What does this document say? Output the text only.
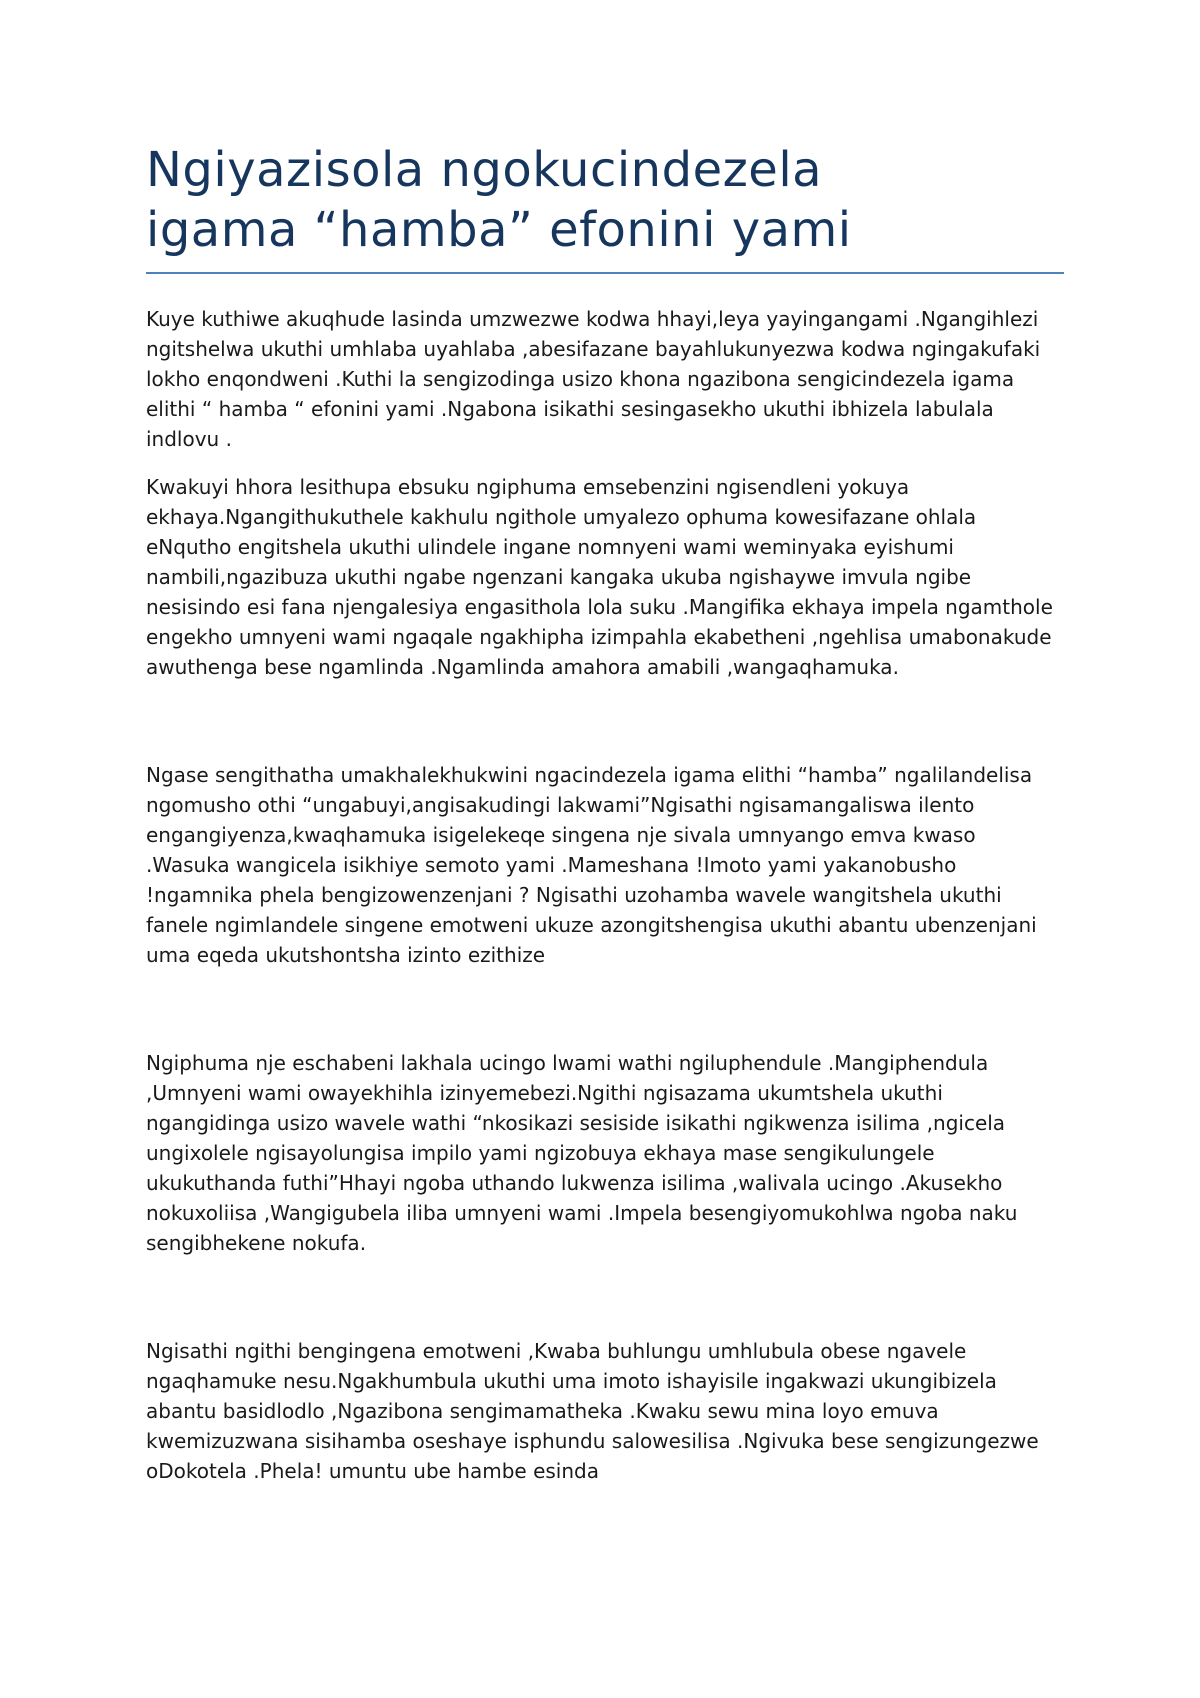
Ngiyazisola ngokucindezela
igama “hamba” efonini yami

Kuye kuthiwe akuqhude lasinda umzwezwe kodwa hhayi,leya yayingangami .Ngangihlezi ngitshelwa ukuthi umhlaba uyahlaba ,abesifazane bayahlukunyezwa kodwa ngingakufaki lokho enqondweni .Kuthi la sengizodinga usizo khona ngazibona sengicindezela igama elithi “ hamba “ efonini yami .Ngabona isikathi sesingasekho ukuthi ibhizela labulala indlovu .

Kwakuyi hhora lesithupa ebsuku ngiphuma emsebenzini ngisendleni yokuya ekhaya.Ngangithukuthele kakhulu ngithole umyalezo ophuma kowesifazane ohlala eNqutho engitshela ukuthi ulindele ingane nomnyeni wami weminyaka eyishumi nambili,ngazibuza ukuthi ngabe ngenzani kangaka ukuba ngishaywe imvula ngibe nesisindo esi fana njengalesiya engasithola lola suku .Mangifika ekhaya impela ngamthole engekho umnyeni wami ngaqale ngakhipha izimpahla ekabetheni ,ngehlisa umabonakude awuthenga bese ngamlinda .Ngamlinda amahora amabili ,wangaqhamuka.

Ngase sengithatha umakhalekhukwini ngacindezela igama elithi “hamba” ngalilandelisa ngomusho othi “ungabuyi,angisakudingi lakwami”Ngisathi ngisamangaliswa ilento engangiyenza,kwaqhamuka isigelekeqe singena nje sivala umnyango emva kwaso .Wasuka wangicela isikhiye semoto yami .Mameshana !Imoto yami yakanobusho !ngamnika phela bengizowenzenjani ? Ngisathi uzohamba wavele wangitshela ukuthi fanele ngimlandele singene emotweni ukuze azongitshengisa ukuthi abantu ubenzenjani uma eqeda ukutshontsha izinto ezithize

Ngiphuma nje eschabeni lakhala ucingo lwami wathi ngiluphendule .Mangiphendula ,Umnyeni wami owayekhihla izinyemebezi.Ngithi ngisazama ukumtshela ukuthi ngangidinga usizo wavele wathi “nkosikazi sesiside isikathi ngikwenza isilima ,ngicela ungixolele ngisayolungisa impilo yami ngizobuya ekhaya mase sengikulungele ukukuthanda futhi”Hhayi ngoba uthando lukwenza isilima ,walivala ucingo .Akusekho nokuxoliisa ,Wangigubela iliba umnyeni wami .Impela besengiyomukohlwa ngoba naku sengibhekene nokufa.

Ngisathi ngithi bengingena emotweni ,Kwaba buhlungu umhlubula obese ngavele ngaqhamuke nesu.Ngakhumbula ukuthi uma imoto ishayisile ingakwazi ukungibizela abantu basidlodlo ,Ngazibona sengimamatheka .Kwaku sewu mina loyo emuva kwemizuzwana sisihamba oseshaye isphundu salowesilisa .Ngivuka bese sengizungezwe oDokotela .Phela! umuntu ube hambe esinda
